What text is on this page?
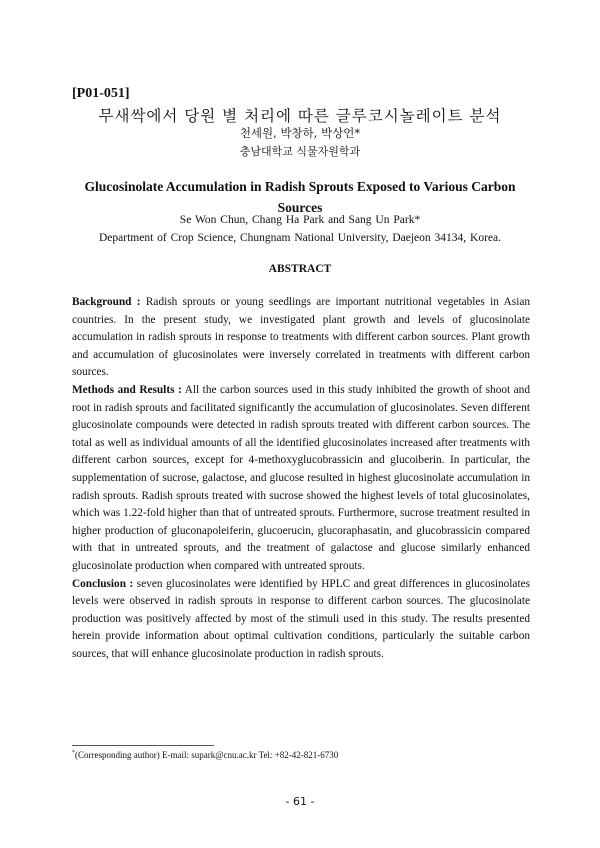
[P01-051]
무새싹에서 당원 별 처리에 따른 글루코시놀레이트 분석
천세원, 박창하, 박상언*
충남대학교 식물자원학과
Glucosinolate Accumulation in Radish Sprouts Exposed to Various Carbon Sources
Se Won Chun, Chang Ha Park and Sang Un Park*
Department of Crop Science, Chungnam National University, Daejeon 34134, Korea.
ABSTRACT

Background : Radish sprouts or young seedlings are important nutritional vegetables in Asian countries. In the present study, we investigated plant growth and levels of glucosinolate accumulation in radish sprouts in response to treatments with different carbon sources. Plant growth and accumulation of glucosinolates were inversely correlated in treatments with different carbon sources.

Methods and Results : All the carbon sources used in this study inhibited the growth of shoot and root in radish sprouts and facilitated significantly the accumulation of glucosinolates. Seven different glucosinolate compounds were detected in radish sprouts treated with different carbon sources. The total as well as individual amounts of all the identified glucosinolates increased after treatments with different carbon sources, except for 4-methoxyglucobrassicin and glucoiberin. In particular, the supplementation of sucrose, galactose, and glucose resulted in highest glucosinolate accumulation in radish sprouts. Radish sprouts treated with sucrose showed the highest levels of total glucosinolates, which was 1.22-fold higher than that of untreated sprouts. Furthermore, sucrose treatment resulted in higher production of gluconapoleiferin, glucoerucin, glucoraphasatin, and glucobrassicin compared with that in untreated sprouts, and the treatment of galactose and glucose similarly enhanced glucosinolate production when compared with untreated sprouts.

Conclusion : seven glucosinolates were identified by HPLC and great differences in glucosinolates levels were observed in radish sprouts in response to different carbon sources. The glucosinolate production was positively affected by most of the stimuli used in this study. The results presented herein provide information about optimal cultivation conditions, particularly the suitable carbon sources, that will enhance glucosinolate production in radish sprouts.

*(Corresponding author) E-mail: supark@cnu.ac.kr Tel: +82-42-821-6730
- 61 -
